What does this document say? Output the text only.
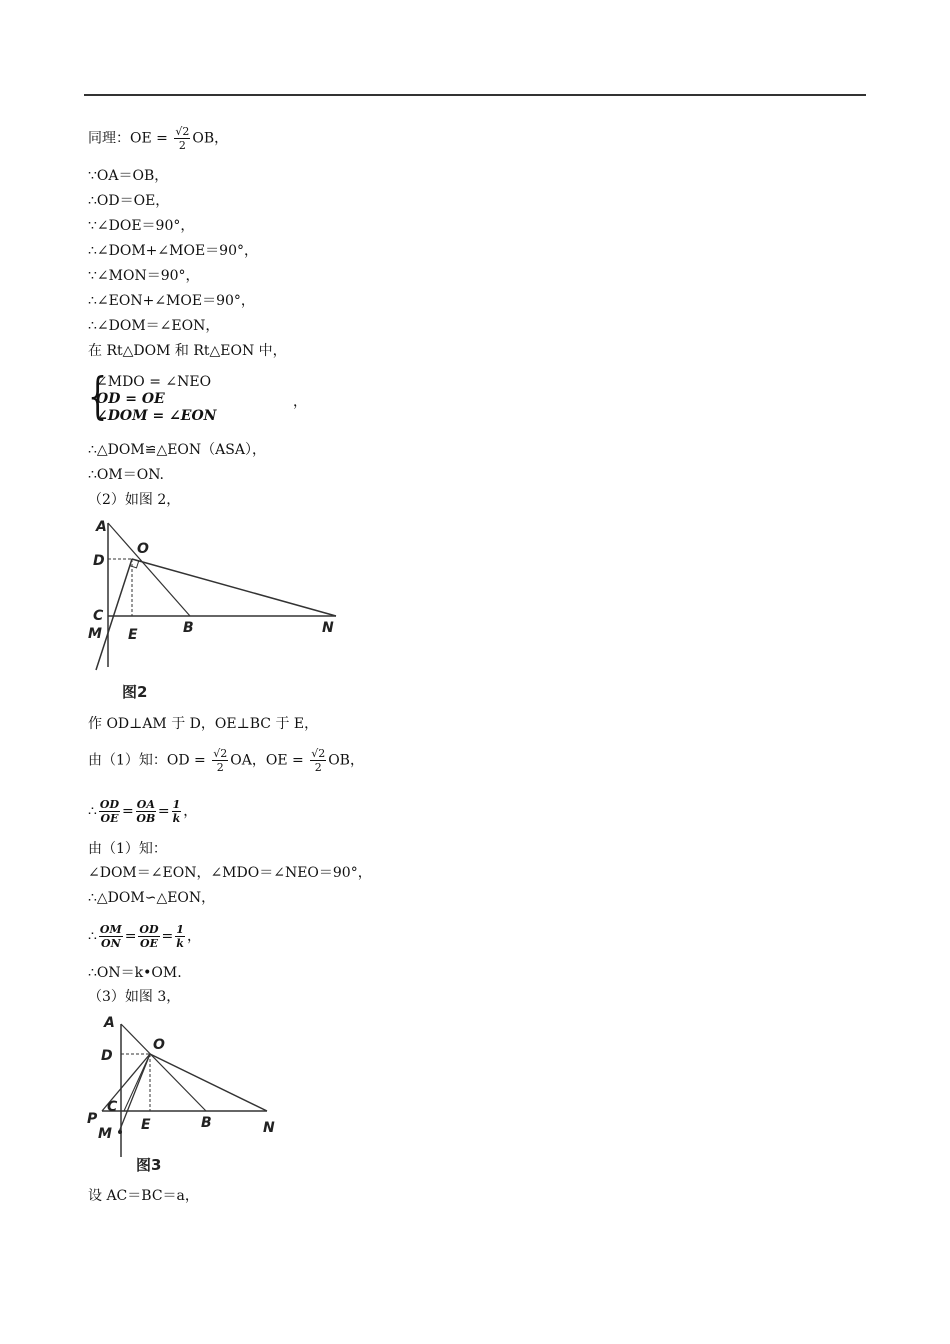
同理：OE = $\frac{√2}{2}$ OB，
∵OA＝OB，
∴OD＝OE，
∵∠DOE＝90°，
∴∠DOM+∠MOE＝90°，
∵∠MON＝90°，
∴∠EON+∠MOE＝90°，
∴∠DOM＝∠EON，
在 Rt△DOM 和 Rt△EON 中，
{
∠MDO = ∠NEO
OD = OE
∠DOM = ∠EON
，
∴△DOM≌△EON（ASA），
∴OM＝ON.
（2）如图 2，
A
D
O
C
M E	B	N
图2
作 OD⊥AM 于 D，OE⊥BC 于 E，
由（1）知：OD = $\frac{√2}{2}$ OA，OE = $\frac{√2}{2}$ OB，
∴ $\frac{OD}{OE} = \frac{OA}{OB} = \frac{1}{k}$ ，
由（1）知：
∠DOM＝∠EON，∠MDO＝∠NEO＝90°，
∴△DOM∽△EON，
∴ $\frac{OM}{ON} = \frac{OD}{OE} = \frac{1}{k}$ ，
∴ON＝k•OM.
（3）如图 3，
A
D
O
P
C
M
E	B	N
图3
设 AC＝BC＝a，
